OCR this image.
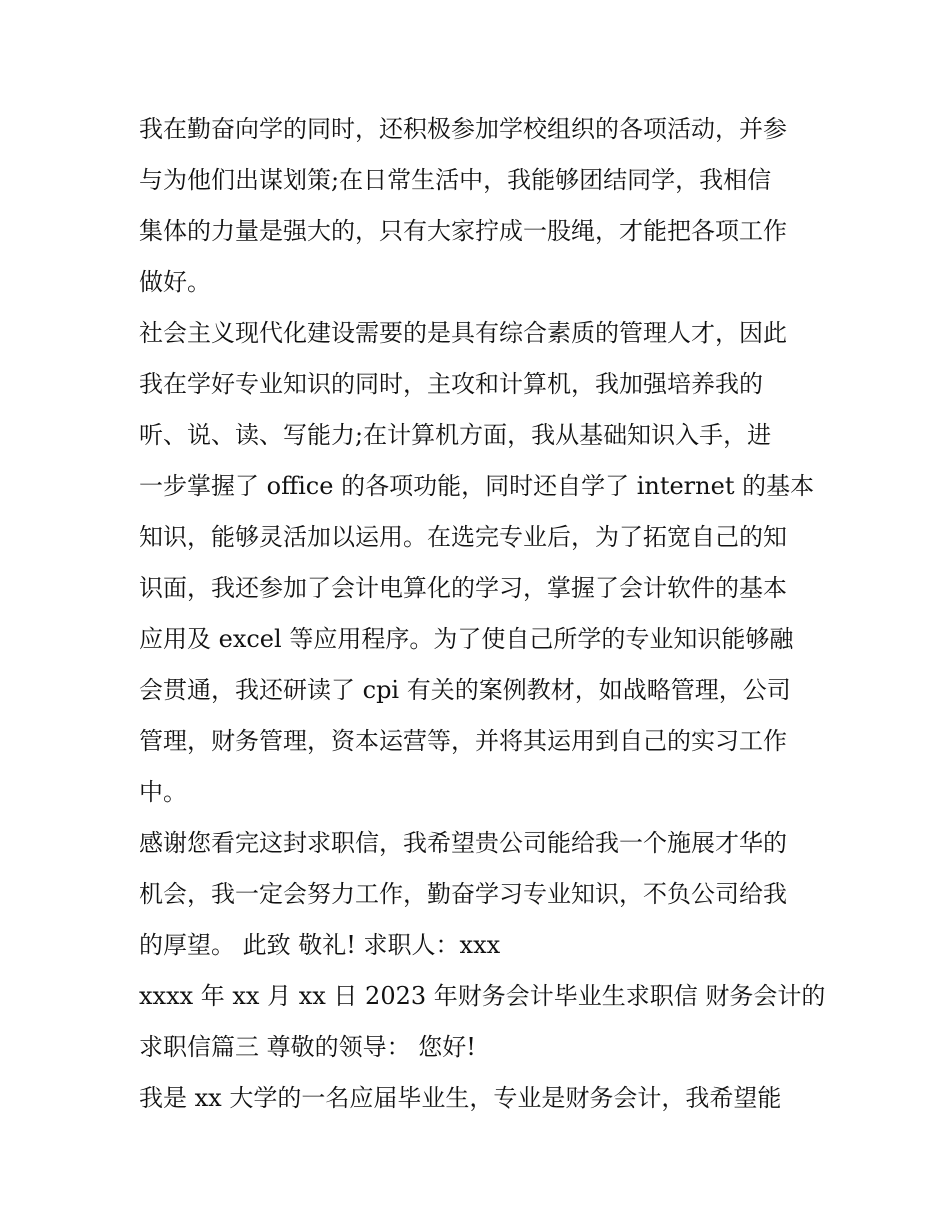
我在勤奋向学的同时，还积极参加学校组织的各项活动，并参
与为他们出谋划策;在日常生活中，我能够团结同学，我相信
集体的力量是强大的，只有大家拧成一股绳，才能把各项工作
做好。

社会主义现代化建设需要的是具有综合素质的管理人才，因此
我在学好专业知识的同时，主攻和计算机，我加强培养我的
听、说、读、写能力;在计算机方面，我从基础知识入手，进
一步掌握了 office 的各项功能，同时还自学了 internet 的基本
知识，能够灵活加以运用。在选完专业后，为了拓宽自己的知
识面，我还参加了会计电算化的学习，掌握了会计软件的基本
应用及 excel 等应用程序。为了使自己所学的专业知识能够融
会贯通，我还研读了 cpi 有关的案例教材，如战略管理，公司
管理，财务管理，资本运营等，并将其运用到自己的实习工作
中。

感谢您看完这封求职信，我希望贵公司能给我一个施展才华的
机会，我一定会努力工作，勤奋学习专业知识，不负公司给我
的厚望。 此致 敬礼! 求职人：xxx

xxxx 年 xx 月 xx 日 2023 年财务会计毕业生求职信 财务会计的
求职信篇三 尊敬的领导： 您好!

我是 xx 大学的一名应届毕业生，专业是财务会计，我希望能
